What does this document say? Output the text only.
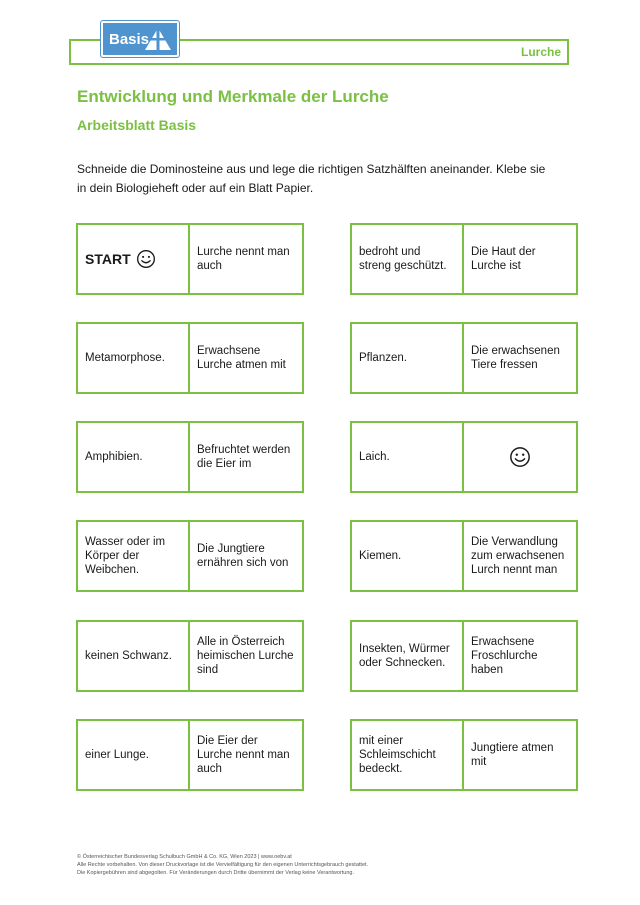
Lurche
Basis
Entwicklung und Merkmale der Lurche
Arbeitsblatt Basis
Schneide die Dominosteine aus und lege die richtigen Satzhälften aneinander. Klebe sie in dein Biologieheft oder auf ein Blatt Papier.
START	Lurche nennt man auch
bedroht und streng geschützt.
Die Haut der Lurche ist
Metamorphose.
Erwachsene Lurche atmen mit
Pflanzen.
Die erwachsenen Tiere fressen
Amphibien.
Befruchtet werden die Eier im
Laich.
Wasser oder im Körper der Weibchen.
Die Jungtiere ernähren sich von
Kiemen.
Die Verwandlung zum erwachsenen Lurch nennt man
keinen Schwanz.
Alle in Österreich heimischen Lurche sind
Insekten, Würmer oder Schnecken.
Erwachsene Froschlurche haben
einer Lunge.
Die Eier der Lurche nennt man auch
mit einer Schleimschicht bedeckt.
Jungtiere atmen mit
© Österreichischer Bundesverlag Schulbuch GmbH & Co. KG, Wien 2023 | www.oebv.at
Alle Rechte vorbehalten. Von dieser Druckvorlage ist die Vervielfältigung für den eigenen Unterrichtsgebrauch gestattet.
Die Kopiergebühren sind abgegolten. Für Veränderungen durch Dritte übernimmt der Verlag keine Verantwortung.
